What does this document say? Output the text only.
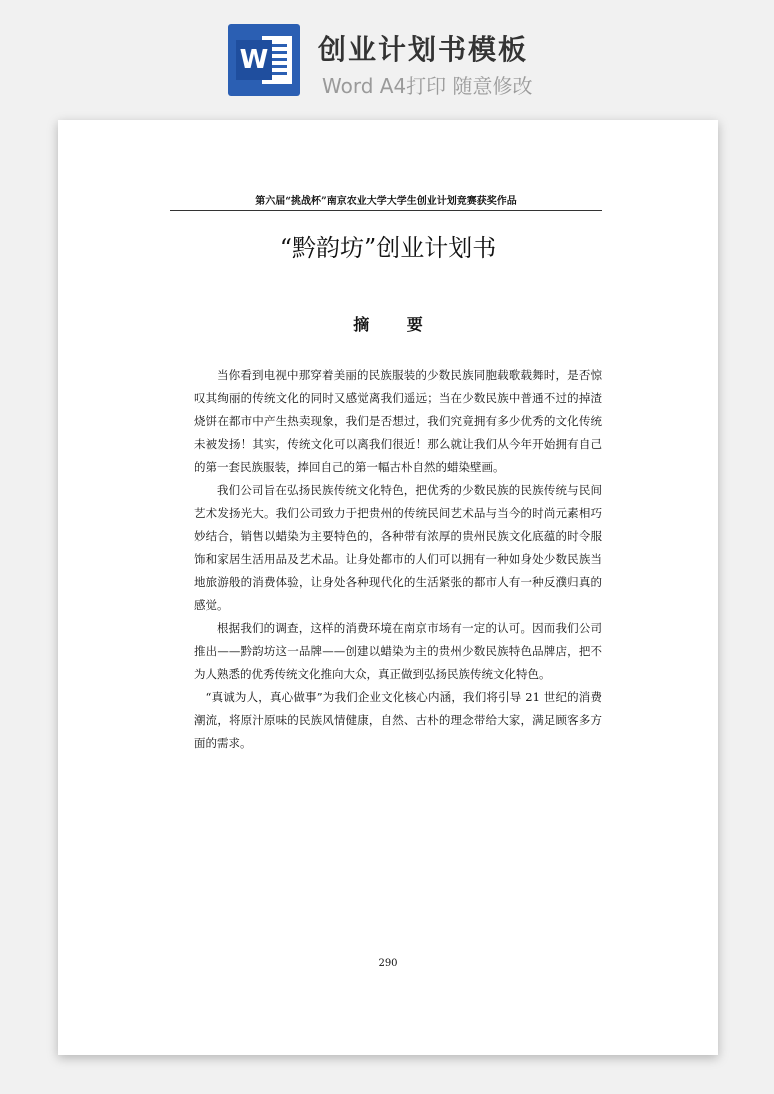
W 创业计划书模板
Word A4打印 随意修改
第六届“挑战杯”南京农业大学大学生创业计划竞赛获奖作品
“黔韵坊”创业计划书
摘 要

当你看到电视中那穿着美丽的民族服装的少数民族同胞载歌载舞时，是否惊叹其绚丽的传统文化的同时又感觉离我们遥远；当在少数民族中普通不过的掉渣烧饼在都市中产生热卖现象，我们是否想过，我们究竟拥有多少优秀的文化传统未被发扬！其实，传统文化可以离我们很近！那么就让我们从今年开始拥有自己的第一套民族服装，捧回自己的第一幅古朴自然的蜡染壁画。

我们公司旨在弘扬民族传统文化特色，把优秀的少数民族的民族传统与民间艺术发扬光大。我们公司致力于把贵州的传统民间艺术品与当今的时尚元素相巧妙结合，销售以蜡染为主要特色的，各种带有浓厚的贵州民族文化底蕴的时令服饰和家居生活用品及艺术品。让身处都市的人们可以拥有一种如身处少数民族当地旅游般的消费体验，让身处各种现代化的生活紧张的都市人有一种反濮归真的感觉。

根据我们的调查，这样的消费环境在南京市场有一定的认可。因而我们公司推出——黔韵坊这一品牌——创建以蜡染为主的贵州少数民族特色品牌店，把不为人熟悉的优秀传统文化推向大众，真正做到弘扬民族传统文化特色。

“真诚为人，真心做事”为我们企业文化核心内涵，我们将引导 21 世纪的消费潮流，将原汁原味的民族风情健康，自然、古朴的理念带给大家，满足顾客多方面的需求。

290
